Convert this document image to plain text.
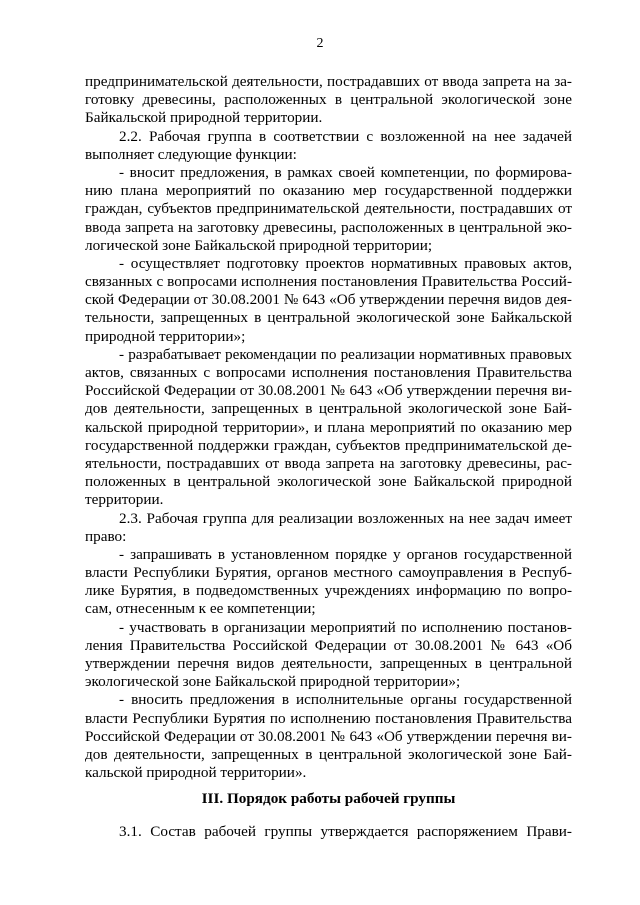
2
предпринимательской деятельности, пострадавших от ввода запрета на за-
готовку древесины, расположенных в центральной экологической зоне
Байкальской природной территории.
2.2. Рабочая группа в соответствии с возложенной на нее задачей
выполняет следующие функции:
- вносит предложения, в рамках своей компетенции, по формирова-
нию плана мероприятий по оказанию мер государственной поддержки
граждан, субъектов предпринимательской деятельности, пострадавших от
ввода запрета на заготовку древесины, расположенных в центральной эко-
логической зоне Байкальской природной территории;
- осуществляет подготовку проектов нормативных правовых актов,
связанных с вопросами исполнения постановления Правительства Россий-
ской Федерации от 30.08.2001 № 643 «Об утверждении перечня видов дея-
тельности, запрещенных в центральной экологической зоне Байкальской
природной территории»;
- разрабатывает рекомендации по реализации нормативных правовых
актов, связанных с вопросами исполнения постановления Правительства
Российской Федерации от 30.08.2001 № 643 «Об утверждении перечня ви-
дов деятельности, запрещенных в центральной экологической зоне Бай-
кальской природной территории», и плана мероприятий по оказанию мер
государственной поддержки граждан, субъектов предпринимательской де-
ятельности, пострадавших от ввода запрета на заготовку древесины, рас-
положенных в центральной экологической зоне Байкальской природной
территории.
2.3. Рабочая группа для реализации возложенных на нее задач имеет
право:
- запрашивать в установленном порядке у органов государственной
власти Республики Бурятия, органов местного самоуправления в Респуб-
лике Бурятия, в подведомственных учреждениях информацию по вопро-
сам, отнесенным к ее компетенции;
- участвовать в организации мероприятий по исполнению постанов-
ления Правительства Российской Федерации от 30.08.2001 № 643 «Об
утверждении перечня видов деятельности, запрещенных в центральной
экологической зоне Байкальской природной территории»;
- вносить предложения в исполнительные органы государственной
власти Республики Бурятия по исполнению постановления Правительства
Российской Федерации от 30.08.2001 № 643 «Об утверждении перечня ви-
дов деятельности, запрещенных в центральной экологической зоне Бай-
кальской природной территории».
III. Порядок работы рабочей группы
3.1. Состав рабочей группы утверждается распоряжением Прави-
